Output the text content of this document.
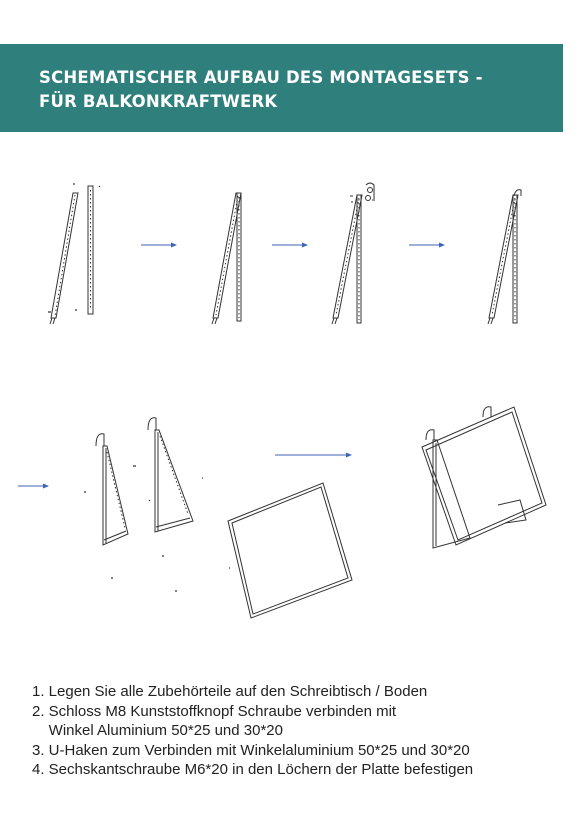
SCHEMATISCHER AUFBAU DES MONTAGESETS -
FÜR BALKONKRAFTWERK
1. Legen Sie alle Zubehörteile auf den Schreibtisch / Boden
2. Schloss M8 Kunststoffknopf Schraube verbinden mit
Winkel Aluminium 50*25 und 30*20
3. U-Haken zum Verbinden mit Winkelaluminium 50*25 und 30*20
4. Sechskantschraube M6*20 in den Löchern der Platte befestigen
